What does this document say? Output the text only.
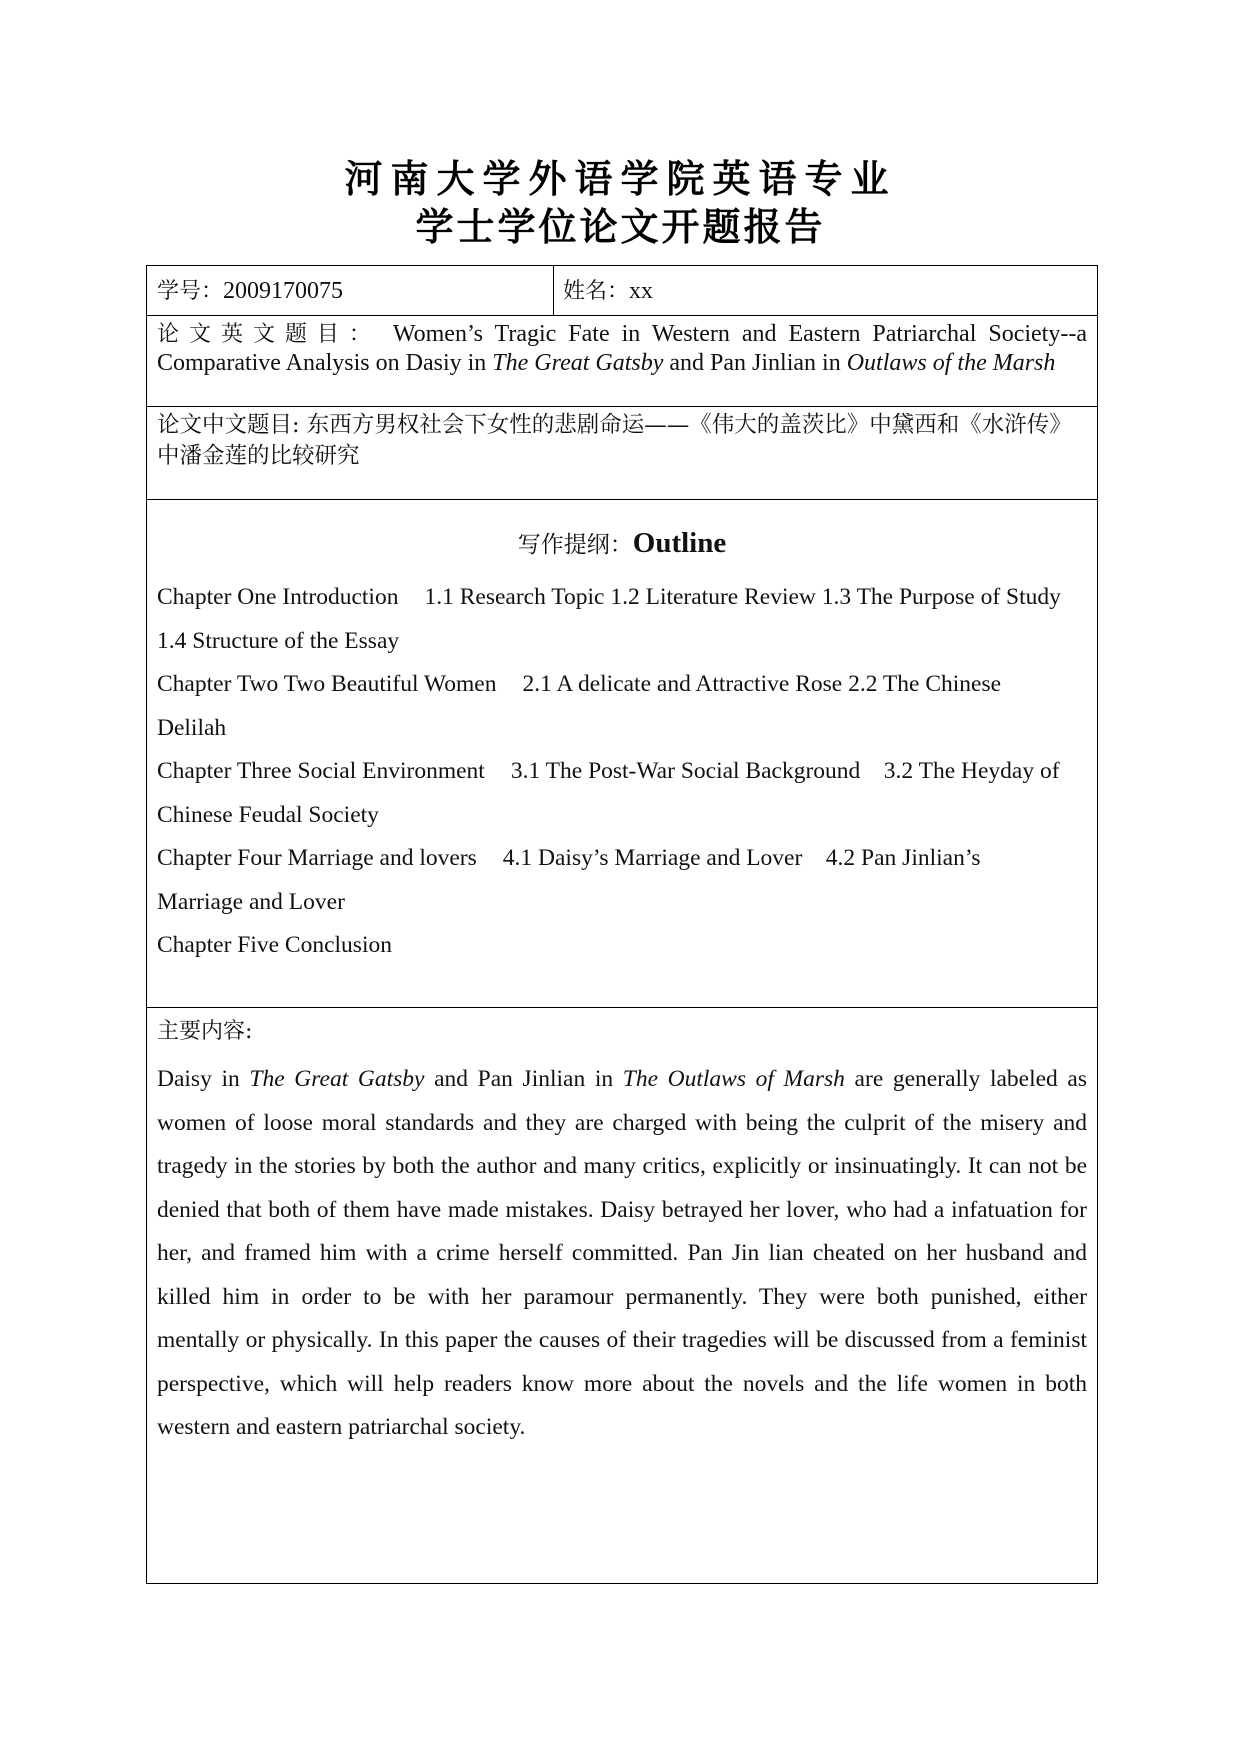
河南大学外语学院英语专业
学士学位论文开题报告
学号：2009170075	姓名：xx
论文英文题目： Women’s Tragic Fate in Western and Eastern Patriarchal Society--a Comparative Analysis on Dasiy in The Great Gatsby and Pan Jinlian in Outlaws of the Marsh
论文中文题目: 东西方男权社会下女性的悲剧命运——《伟大的盖茨比》中黛西和《水浒传》中潘金莲的比较研究
写作提纲：Outline
Chapter One Introduction 1.1 Research Topic 1.2 Literature Review 1.3 The Purpose of Study 1.4 Structure of the Essay
Chapter Two Two Beautiful Women 2.1 A delicate and Attractive Rose 2.2 The Chinese Delilah
Chapter Three Social Environment 3.1 The Post-War Social Background    3.2 The Heyday of Chinese Feudal Society
Chapter Four Marriage and lovers 4.1 Daisy’s Marriage and Lover    4.2 Pan Jinlian’s Marriage and Lover
Chapter Five Conclusion
主要内容:
Daisy in The Great Gatsby and Pan Jinlian in The Outlaws of Marsh are generally labeled as women of loose moral standards and they are charged with being the culprit of the misery and tragedy in the stories by both the author and many critics, explicitly or insinuatingly. It can not be denied that both of them have made mistakes. Daisy betrayed her lover, who had a infatuation for her, and framed him with a crime herself committed. Pan Jin lian cheated on her husband and killed him in order to be with her paramour permanently. They were both punished, either mentally or physically. In this paper the causes of their tragedies will be discussed from a feminist perspective, which will help readers know more about the novels and the life women in both western and eastern patriarchal society.
